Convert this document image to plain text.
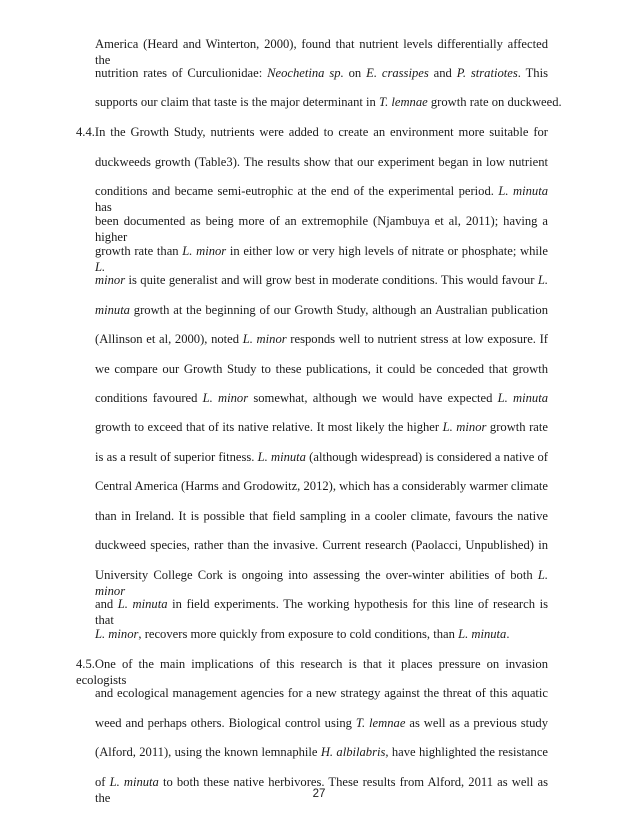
America (Heard and Winterton, 2000), found that nutrient levels differentially affected the
nutrition rates of Curculionidae: Neochetina sp. on E. crassipes and P. stratiotes. This
supports our claim that taste is the major determinant in T. lemnae growth rate on duckweed.
4.4.In the Growth Study, nutrients were added to create an environment more suitable for
duckweeds growth (Table3). The results show that our experiment began in low nutrient
conditions and became semi-eutrophic at the end of the experimental period. L. minuta has
been documented as being more of an extremophile (Njambuya et al, 2011); having a higher
growth rate than L. minor in either low or very high levels of nitrate or phosphate; while L.
minor is quite generalist and will grow best in moderate conditions. This would favour L.
minuta growth at the beginning of our Growth Study, although an Australian publication
(Allinson et al, 2000), noted L. minor responds well to nutrient stress at low exposure. If
we compare our Growth Study to these publications, it could be conceded that growth
conditions favoured L. minor somewhat, although we would have expected L. minuta
growth to exceed that of its native relative. It most likely the higher L. minor growth rate
is as a result of superior fitness. L. minuta (although widespread) is considered a native of
Central America (Harms and Grodowitz, 2012), which has a considerably warmer climate
than in Ireland. It is possible that field sampling in a cooler climate, favours the native
duckweed species, rather than the invasive. Current research (Paolacci, Unpublished) in
University College Cork is ongoing into assessing the over-winter abilities of both L. minor
and L. minuta in field experiments. The working hypothesis for this line of research is that
L. minor, recovers more quickly from exposure to cold conditions, than L. minuta.
4.5.One of the main implications of this research is that it places pressure on invasion ecologists
and ecological management agencies for a new strategy against the threat of this aquatic
weed and perhaps others. Biological control using T. lemnae as well as a previous study
(Alford, 2011), using the known lemnaphile H. albilabris, have highlighted the resistance
of L. minuta to both these native herbivores. These results from Alford, 2011 as well as the	27
